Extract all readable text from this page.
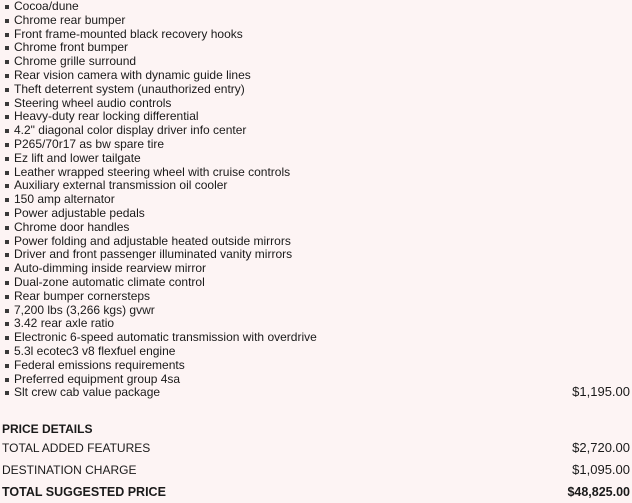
Cocoa/dune
Chrome rear bumper
Front frame-mounted black recovery hooks
Chrome front bumper
Chrome grille surround
Rear vision camera with dynamic guide lines
Theft deterrent system (unauthorized entry)
Steering wheel audio controls
Heavy-duty rear locking differential
4.2" diagonal color display driver info center
P265/70r17 as bw spare tire
Ez lift and lower tailgate
Leather wrapped steering wheel with cruise controls
Auxiliary external transmission oil cooler
150 amp alternator
Power adjustable pedals
Chrome door handles
Power folding and adjustable heated outside mirrors
Driver and front passenger illuminated vanity mirrors
Auto-dimming inside rearview mirror
Dual-zone automatic climate control
Rear bumper cornersteps
7,200 lbs (3,266 kgs) gvwr
3.42 rear axle ratio
Electronic 6-speed automatic transmission with overdrive
5.3l ecotec3 v8 flexfuel engine
Federal emissions requirements
Preferred equipment group 4sa
Slt crew cab value package	$1,195.00
PRICE DETAILS
TOTAL ADDED FEATURES	$2,720.00
DESTINATION CHARGE	$1,095.00
TOTAL SUGGESTED PRICE	$48,825.00
